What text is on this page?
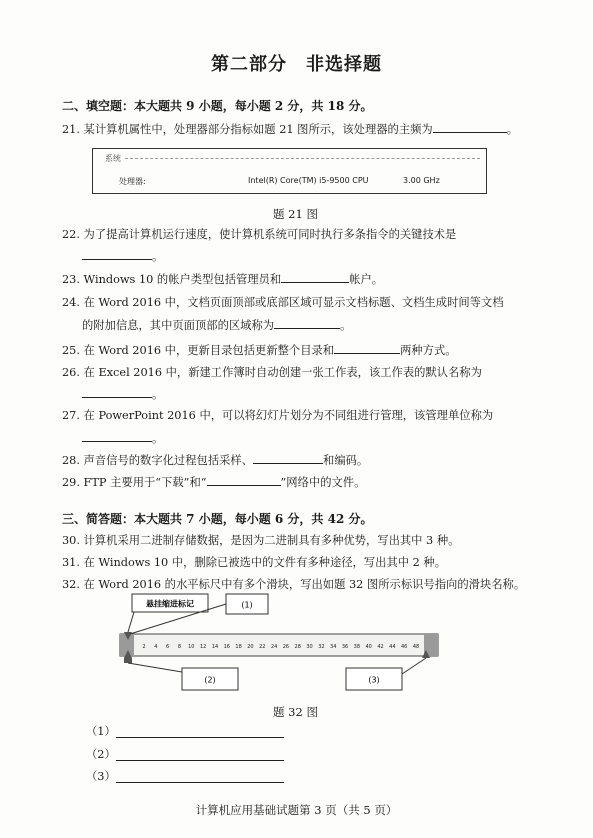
第二部分　非选择题
二、填空题：本大题共 9 小题，每小题 2 分，共 18 分。
21. 某计算机属性中，处理器部分指标如题 21 图所示，该处理器的主频为	。
系统
处理器:	Intel(R) Core(TM) i5-9500 CPU	3.00 GHz
题 21 图
22. 为了提高计算机运行速度，使计算机系统可同时执行多条指令的关键技术是
。
23. Windows 10 的帐户类型包括管理员和	帐户。
24. 在 Word 2016 中，文档页面顶部或底部区域可显示文档标题、文档生成时间等文档
的附加信息，其中页面顶部的区域称为	。
25. 在 Word 2016 中，更新目录包括更新整个目录和	两种方式。
26. 在 Excel 2016 中，新建工作簿时自动创建一张工作表，该工作表的默认名称为
。
27. 在 PowerPoint 2016 中，可以将幻灯片划分为不同组进行管理，该管理单位称为
。
28. 声音信号的数字化过程包括采样、	和编码。
29. FTP 主要用于“下载”和“	”网络中的文件。
三、简答题：本大题共 7 小题，每小题 6 分，共 42 分。
30. 计算机采用二进制存储数据，是因为二进制具有多种优势，写出其中 3 种。
31. 在 Windows 10 中，删除已被选中的文件有多种途径，写出其中 2 种。
32. 在 Word 2016 的水平标尺中有多个滑块，写出如题 32 图所示标识号指向的滑块名称。
2 4 6 8 10 12 14 16 18 20 22 24 26 28 30 32 34 36 38 40 42 44 46 48
悬挂缩进标记	(1)
(2)	(3)
题 32 图
（1）
（2）
（3）
计算机应用基础试题第 3 页（共 5 页）
